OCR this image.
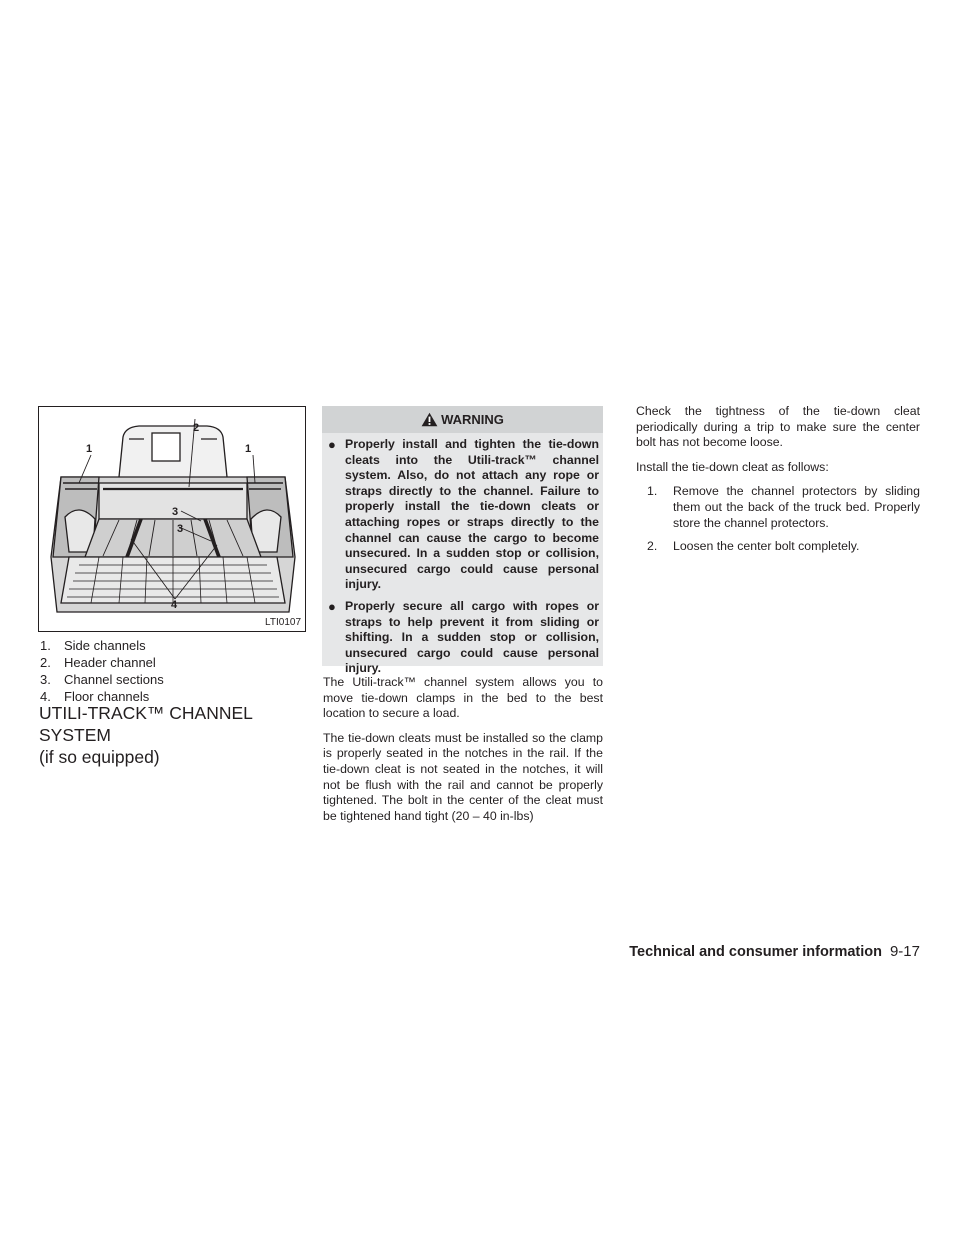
1	1
2
3
3
4
LTI0107
1.	Side channels
2.	Header channel
3.	Channel sections
4.	Floor channels
UTILI-TRACK™ CHANNEL SYSTEM
(if so equipped)
WARNING
● Properly install and tighten the tie-down cleats into the Utili-track™ channel system. Also, do not attach any rope or straps directly to the channel. Failure to properly install the tie-down cleats or attaching ropes or straps directly to the channel can cause the cargo to become unsecured. In a sudden stop or collision, unsecured cargo could cause personal injury.
● Properly secure all cargo with ropes or straps to help prevent it from sliding or shifting. In a sudden stop or collision, unsecured cargo could cause personal injury.

The Utili-track™ channel system allows you to move tie-down clamps in the bed to the best location to secure a load.

The tie-down cleats must be installed so the clamp is properly seated in the notches in the rail. If the tie-down cleat is not seated in the notches, it will not be flush with the rail and cannot be properly tightened. The bolt in the center of the cleat must be tightened hand tight (20 – 40 in-lbs)

Check the tightness of the tie-down cleat periodically during a trip to make sure the center bolt has not become loose.

Install the tie-down cleat as follows:

1.	Remove the channel protectors by sliding them out the back of the truck bed. Properly store the channel protectors.
2.	Loosen the center bolt completely.
Technical and consumer information 9-17
